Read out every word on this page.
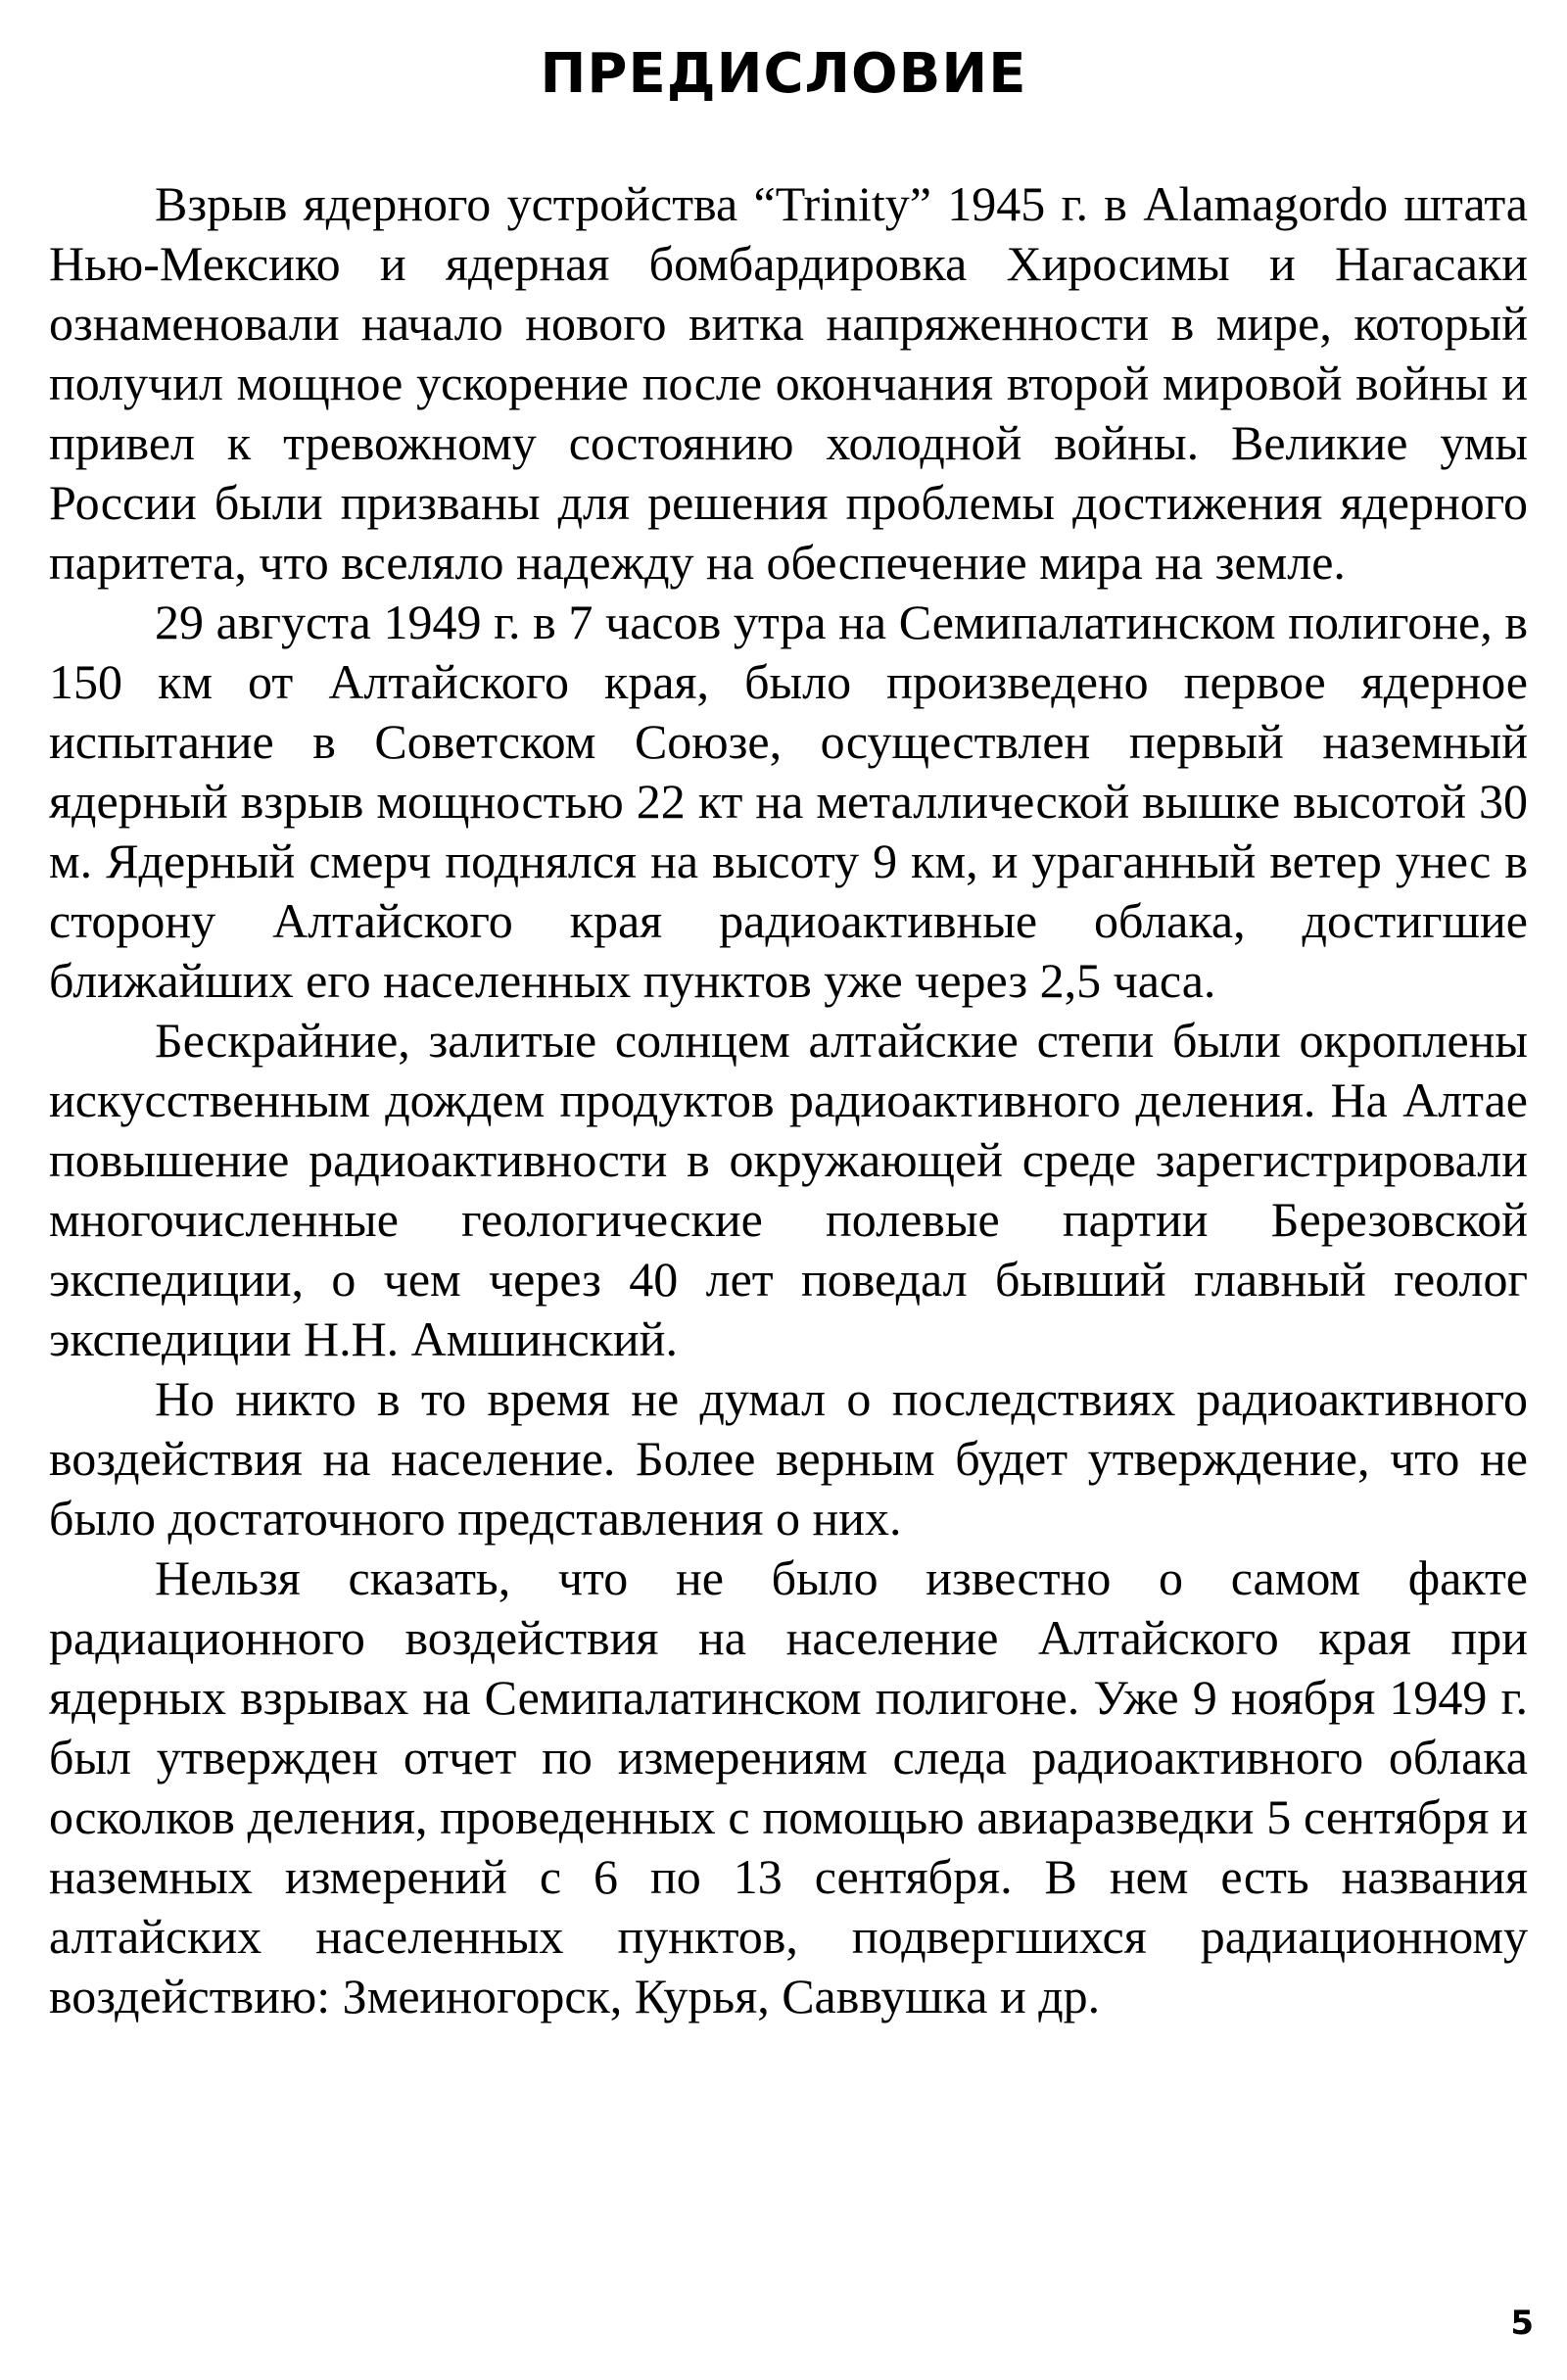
ПРЕДИСЛОВИЕ

Взрыв ядерного устройства “Trinity” 1945 г. в Alamagordo штата Нью-Мексико и ядерная бомбардировка Хиросимы и Нагасаки ознаменовали начало нового витка напряженности в мире, который получил мощное ускорение после окончания второй мировой войны и привел к тревожному состоянию холодной войны. Великие умы России были призваны для решения проблемы достижения ядерного паритета, что вселяло надежду на обеспечение мира на земле.

29 августа 1949 г. в 7 часов утра на Семипалатинском полигоне, в 150 км от Алтайского края, было произведено первое ядерное испытание в Советском Союзе, осуществлен первый наземный ядерный взрыв мощностью 22 кт на металлической вышке высотой 30 м. Ядерный смерч поднялся на высоту 9 км, и ураганный ветер унес в сторону Алтайского края радиоактивные облака, достигшие ближайших его населенных пунктов уже через 2,5 часа.

Бескрайние, залитые солнцем алтайские степи были окроплены искусственным дождем продуктов радиоактивного деления. На Алтае повышение радиоактивности в окружающей среде зарегистрировали многочисленные геологические полевые партии Березовской экспедиции, о чем через 40 лет поведал бывший главный геолог экспедиции Н.Н. Амшинский.

Но никто в то время не думал о последствиях радиоактивного воздействия на население. Более верным будет утверждение, что не было достаточного представления о них.

Нельзя сказать, что не было известно о самом факте радиационного воздействия на население Алтайского края при ядерных взрывах на Семипалатинском полигоне. Уже 9 ноября 1949 г. был утвержден отчет по измерениям следа радиоактивного облака осколков деления, проведенных с помощью авиаразведки 5 сентября и наземных измерений с 6 по 13 сентября. В нем есть названия алтайских населенных пунктов, подвергшихся радиационному воздействию: Змеиногорск, Курья, Саввушка и др.

5
